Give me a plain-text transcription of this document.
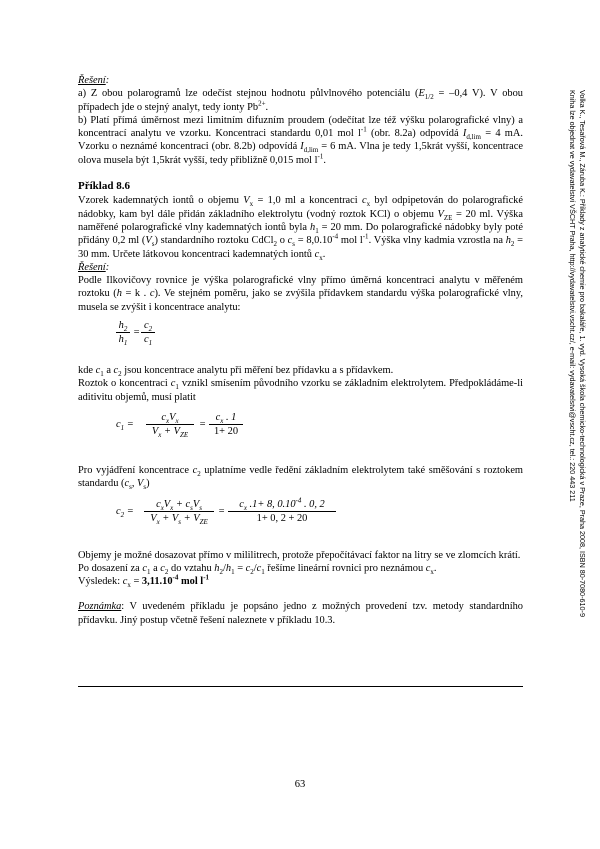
Řešení:

a) Z obou polarogramů lze odečíst stejnou hodnotu půlvlnového potenciálu ($E_{1/2} = -0,4$ V). V obou případech jde o stejný analyt, tedy ionty $Pb^{2+}$.

b) Platí přímá úměrnost mezi limitním difuzním proudem (odečítat lze též výšku polarografické vlny) a koncentrací analytu ve vzorku. Koncentraci standardu 0,01 mol $l^{-1}$ (obr. 8.2a) odpovídá $I_{d,lim} = 4$ mA. Vzorku o neznámé koncentraci (obr. 8.2b) odpovídá $I_{d,lim} = 6$ mA. Vlna je tedy 1,5krát vyšší, koncentrace olova musela být 1,5krát vyšší, tedy přibližně 0,015 mol $l^{-1}$.

Příklad 8.6

Vzorek kademnatých iontů o objemu $V_x = 1,0$ ml a koncentraci $c_x$ byl odpipetován do polarografické nádobky, kam byl dále přidán základního elektrolytu (vodný roztok KCl) o objemu $V_{ZE} = 20$ ml. Výška naměřené polarografické vlny kademnatých iontů byla $h_1 = 20$ mm. Do polarografické nádobky byly poté přidány 0,2 ml $(V_s)$ standardního roztoku CdCl$_2$ o $c_s = 8,0.10^{-4}$ mol $l^{-1}$. Výška vlny kadmia vzrostla na $h_2 = 30$ mm. Určete látkovou koncentraci kademnatých iontů $c_x$.

Řešení:

Podle Ilkovičovy rovnice je výška polarografické vlny přímo úměrná koncentraci analytu v měřeném roztoku (h = k . c). Ve stejném poměru, jako se zvýšila přídavkem standardu výška polarografické vlny, musela se zvýšit i koncentrace analytu:

$\frac{h_2}{h_1} = \frac{c_2}{c_1}$

kde $c_1$ a $c_2$ jsou koncentrace analytu při měření bez přídavku a s přídavkem.

Roztok o koncentraci $c_1$ vznikl smísením původního vzorku se základním elektrolytem. Předpokládáme-li aditivitu objemů, musí platit

$c_1$ =
$c_xV_x$
$V_x + V_{ZE}$
= $\frac{c_x . 1}{1+ 20}$

Pro vyjádření koncentrace $c_2$ uplatníme vedle ředění základním elektrolytem také směšování s roztokem standardu ($c_s$, $V_s$)

$c_2$ =
$c_xV_x + c_sV_s$
$V_x + V_s + V_{ZE}$
= $\frac{c_x .1+ 8, 0.10^{-4} . 0, 2}{1+ 0, 2 + 20}$

Objemy je možné dosazovat přímo v mililitrech, protože přepočítávací faktor na litry se ve zlomcích krátí.

Po dosazení za $c_1$ a $c_2$ do vztahu $h_2/h_1 = c_2/c_1$ řešíme lineární rovnici pro neznámou $c_x$.

Výsledek: $c_x = 3,11.10^{-4}$ mol $l^{-1}$

Poznámka: V uvedeném příkladu je popsáno jedno z možných provedení tzv. metody standardního přídavku. Jiný postup včetně řešení naleznete v příkladu 10.3.

63
Volka K., Tesařová M., Záruba K.: Příklady z analytické chemie pro bakaláře, 1. vyd. Vysoká škola chemicko-technologická v Praze, Praha 2008, ISBN 80-7080-610-9
Kniha lze objednat ve vydavatelství VŠCHT Praha, http://vydavatelstvi.vscht.cz/, e-mail: vydavatelstvi@vscht.cz, tel.: 220 443 211
